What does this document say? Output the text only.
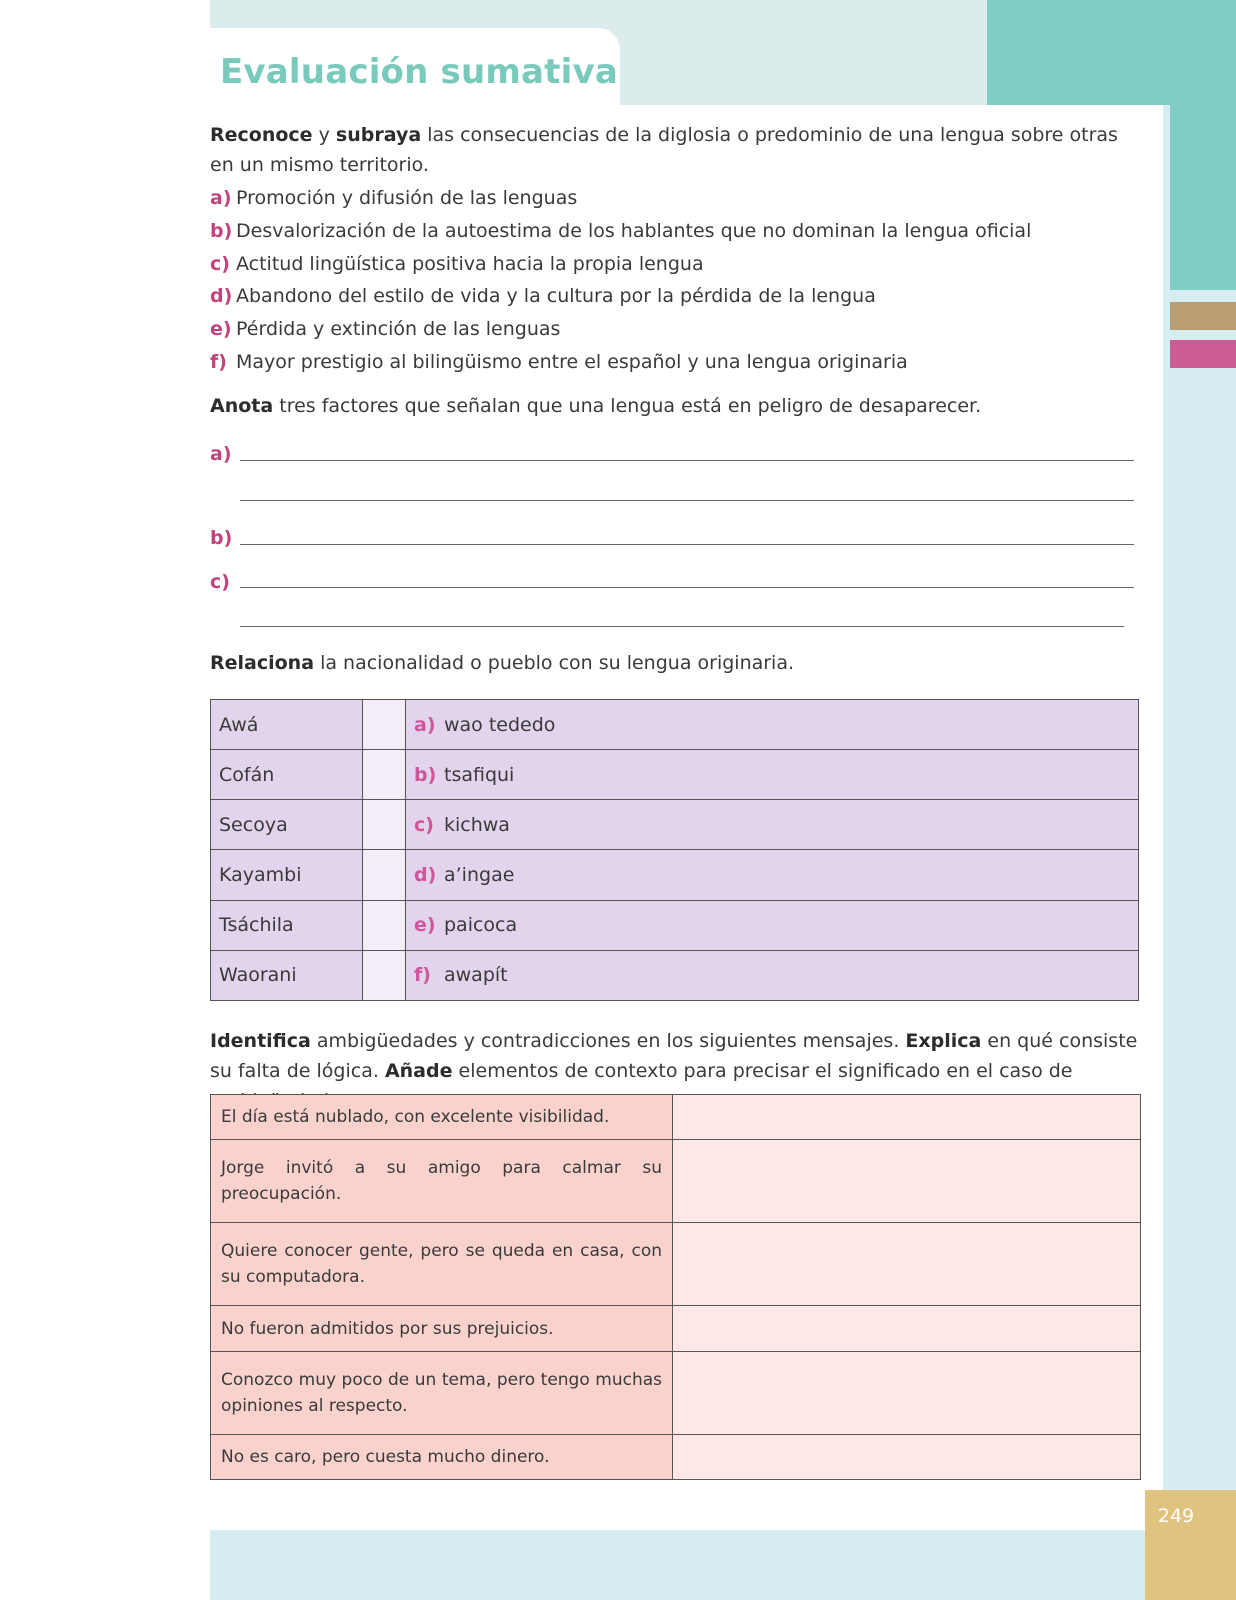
Evaluación sumativa
249
Reconoce y subraya las consecuencias de la diglosia o predominio de una lengua sobre otras en un mismo territorio.
a) Promoción y difusión de las lenguas
b) Desvalorización de la autoestima de los hablantes que no dominan la lengua oficial
c) Actitud lingüística positiva hacia la propia lengua
d) Abandono del estilo de vida y la cultura por la pérdida de la lengua
e) Pérdida y extinción de las lenguas
f) Mayor prestigio al bilingüismo entre el español y una lengua originaria
Anota tres factores que señalan que una lengua está en peligro de desaparecer.
a)
b)
c)
Relaciona la nacionalidad o pueblo con su lengua originaria.
Awá		a) wao tededo
Cofán		b) tsafiqui
Secoya		c) kichwa
Kayambi		d) a’ingae
Tsáchila		e) paicoca
Waorani		f) awapít
Identifica ambigüedades y contradicciones en los siguientes mensajes. Explica en qué consiste su falta de lógica. Añade elementos de contexto para precisar el significado en el caso de
El día está nublado, con excelente visibilidad.	
Jorge invitó a su amigo para calmar su preocupación.	
Quiere conocer gente, pero se queda en casa, con su computadora.	
No fueron admitidos por sus prejuicios.	
Conozco muy poco de un tema, pero tengo muchas opiniones al respecto.	
No es caro, pero cuesta mucho dinero.	
